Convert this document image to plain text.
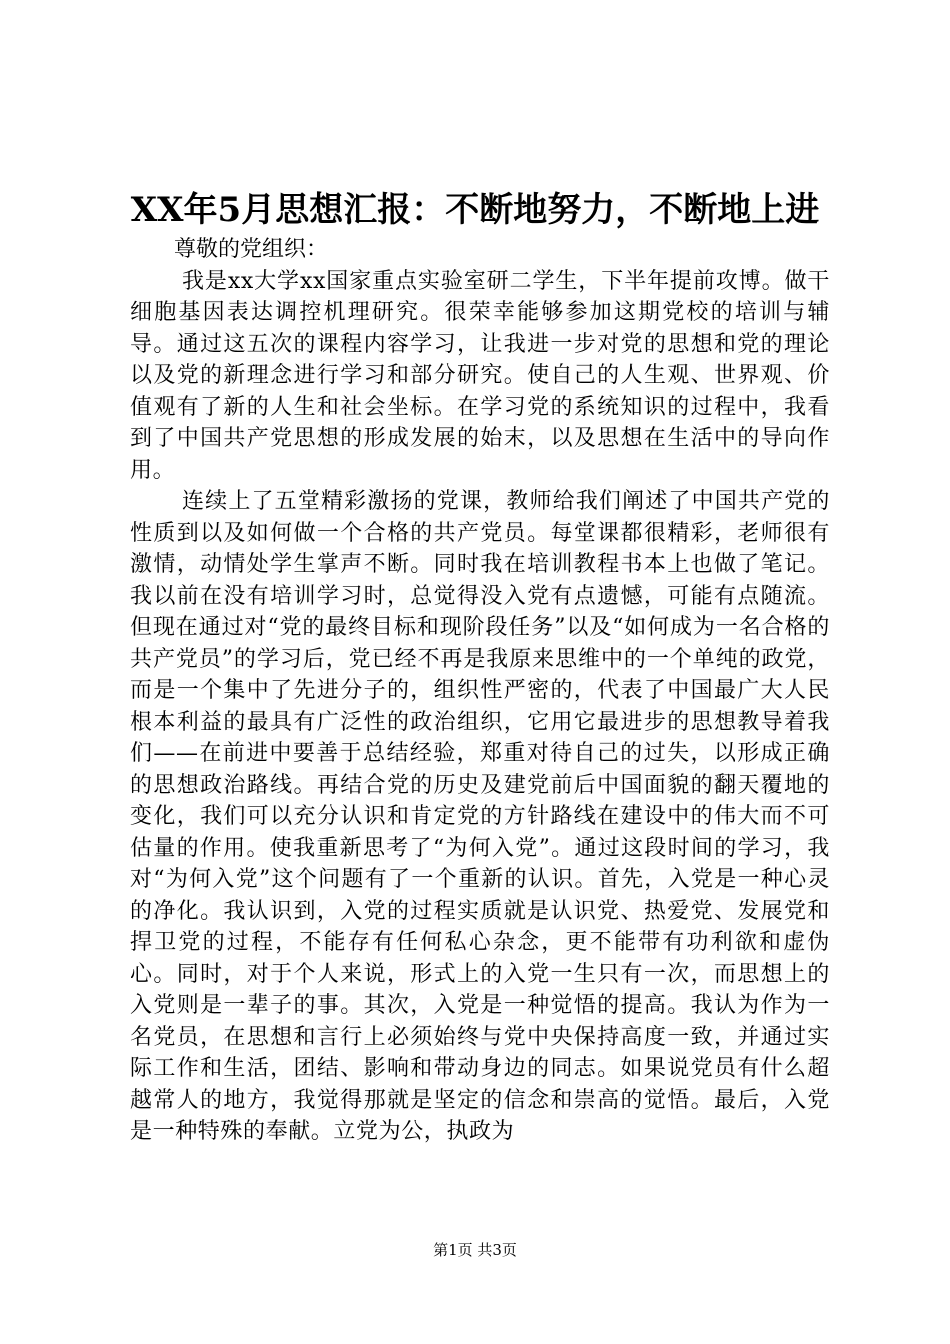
XX年5月思想汇报：不断地努力，不断地上进

尊敬的党组织：

我是xx大学xx国家重点实验室研二学生，下半年提前攻博。做干细胞基因表达调控机理研究。很荣幸能够参加这期党校的培训与辅导。通过这五次的课程内容学习，让我进一步对党的思想和党的理论以及党的新理念进行学习和部分研究。使自己的人生观、世界观、价值观有了新的人生和社会坐标。在学习党的系统知识的过程中，我看到了中国共产党思想的形成发展的始末，以及思想在生活中的导向作用。

连续上了五堂精彩激扬的党课，教师给我们阐述了中国共产党的性质到以及如何做一个合格的共产党员。每堂课都很精彩，老师很有激情，动情处学生掌声不断。同时我在培训教程书本上也做了笔记。我以前在没有培训学习时，总觉得没入党有点遗憾，可能有点随流。但现在通过对“党的最终目标和现阶段任务”以及“如何成为一名合格的共产党员”的学习后，党已经不再是我原来思维中的一个单纯的政党，而是一个集中了先进分子的，组织性严密的，代表了中国最广大人民根本利益的最具有广泛性的政治组织，它用它最进步的思想教导着我们——在前进中要善于总结经验，郑重对待自己的过失，以形成正确的思想政治路线。再结合党的历史及建党前后中国面貌的翻天覆地的变化，我们可以充分认识和肯定党的方针路线在建设中的伟大而不可估量的作用。使我重新思考了“为何入党”。通过这段时间的学习，我对“为何入党”这个问题有了一个重新的认识。首先，入党是一种心灵的净化。我认识到，入党的过程实质就是认识党、热爱党、发展党和捍卫党的过程，不能存有任何私心杂念，更不能带有功利欲和虚伪心。同时，对于个人来说，形式上的入党一生只有一次，而思想上的入党则是一辈子的事。其次，入党是一种觉悟的提高。我认为作为一名党员，在思想和言行上必须始终与党中央保持高度一致，并通过实际工作和生活，团结、影响和带动身边的同志。如果说党员有什么超越常人的地方，我觉得那就是坚定的信念和崇高的觉悟。最后，入党是一种特殊的奉献。立党为公，执政为

第1页 共3页
